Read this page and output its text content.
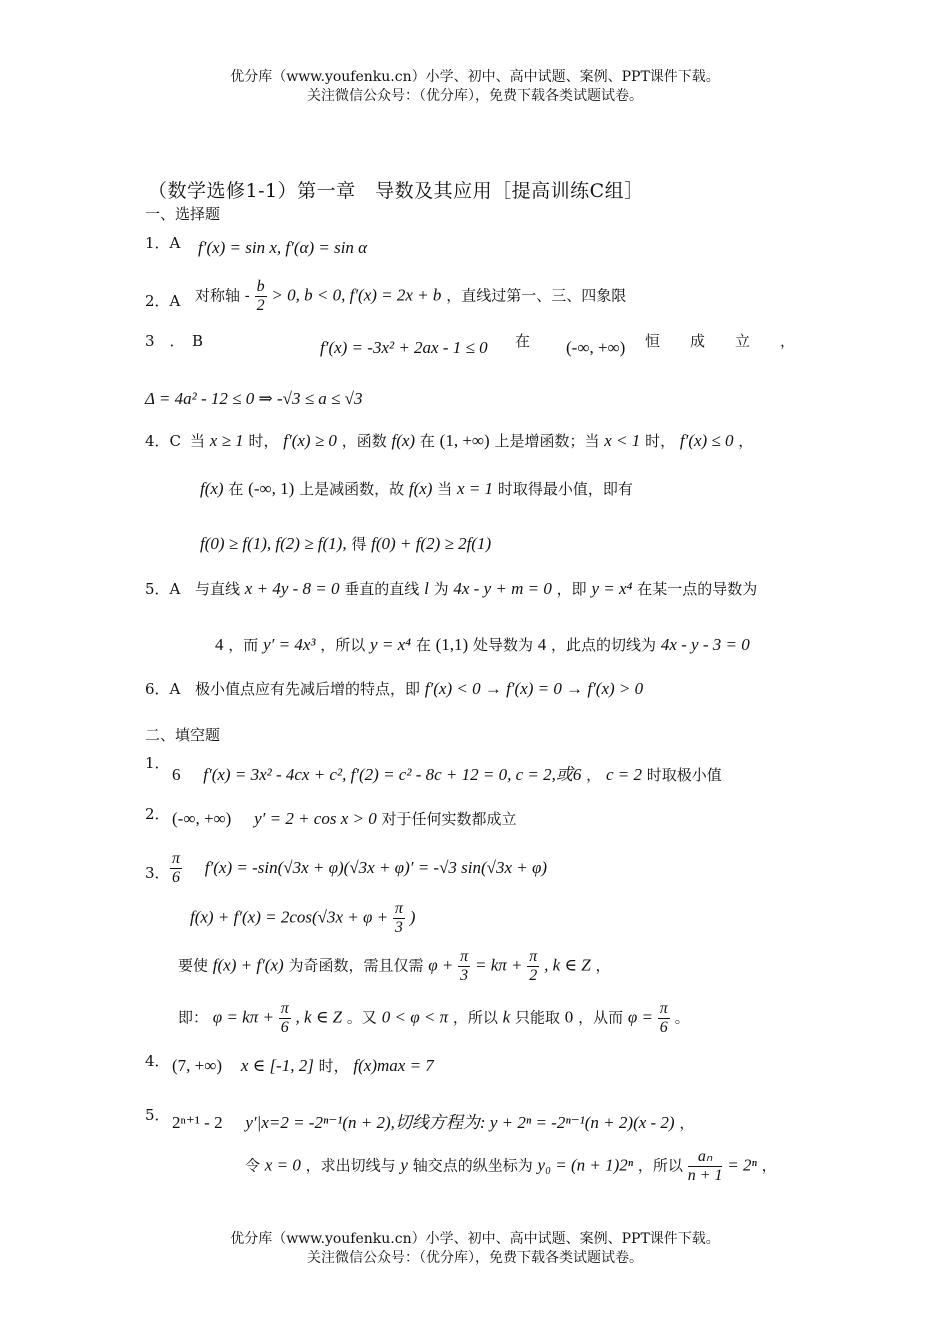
优分库（www.youfenku.cn）小学、初中、高中试题、案例、PPT课件下载。
关注微信公众号：（优分库），免费下载各类试题试卷。
（数学选修1-1）第一章　导数及其应用［提高训练C组］
一、选择题
1．A f′(x) = sin x, f′(α) = sin α
2．A 对称轴 - $\frac{b}{2} > 0$, b < 0, f′(x) = 2x + b ，直线过第一、三、四象限
3　．　B	f′(x) = -3x² + 2ax - 1 ≤ 0 在 (-∞, +∞) 恒　　成　　立　　，
Δ = 4a² - 12 ≤ 0 ⇒ -√3 ≤ a ≤ √3
4．C 当 x ≥ 1 时， f′(x) ≥ 0 ，函数 f(x) 在 (1, +∞) 上是增函数；当 x < 1 时， f′(x) ≤ 0 ，
f(x) 在 (-∞, 1) 上是减函数，故 f(x) 当 x = 1 时取得最小值，即有
f(0) ≥ f(1), f(2) ≥ f(1), 得 f(0) + f(2) ≥ 2f(1)
5．A 与直线 x + 4y - 8 = 0 垂直的直线 l 为 4x - y + m = 0 ，即 y = x⁴ 在某一点的导数为
4 ，而 y′ = 4x³ ，所以 y = x⁴ 在 (1,1) 处导数为 4 ，此点的切线为 4x - y - 3 = 0
6．A 极小值点应有先减后增的特点，即 f′(x) < 0 → f′(x) = 0 → f′(x) > 0
二、填空题
1．
6 f′(x) = 3x² - 4cx + c², f′(2) = c² - 8c + 12 = 0, c = 2,或6 ， c = 2 时取极小值
2． (-∞, +∞) y′ = 2 + cos x > 0 对于任何实数都成立
3． $\frac{\pi}{6} f'(x) = -\sin(√3x + \varphi)(√3x + \varphi)' = -√3$ sin(√3x + φ)
$f(x) + f'(x) = 2\cos(√3x + \varphi + \frac{\pi}{3}$ )
要使 f(x) + f′(x) 为奇函数，需且仅需 $\varphi + \frac{\pi}{3} = k\pi + \frac{\pi}{2}$ , k ∈ Z ，
即： $\varphi = k\pi + \frac{\pi}{6}$ , k ∈ Z 。又 0 < φ < π ，所以 k 只能取 0 ，从而 $\varphi = \frac{\pi}{6}$ 。
4． (7, +∞) x ∈ [-1, 2] 时， f(x)max = 7
5． 2ⁿ⁺¹ - 2 y′|x=2 = -2ⁿ⁻¹(n + 2),切线方程为: y + 2ⁿ = -2ⁿ⁻¹(n + 2)(x - 2) ，
令 x = 0 ，求出切线与 y 轴交点的纵坐标为 y₀ = (n + 1)2ⁿ ，所以 $\frac{\text{aₙ}}{n + 1} = 2^n$ ，
优分库（www.youfenku.cn）小学、初中、高中试题、案例、PPT课件下载。
关注微信公众号：（优分库），免费下载各类试题试卷。
